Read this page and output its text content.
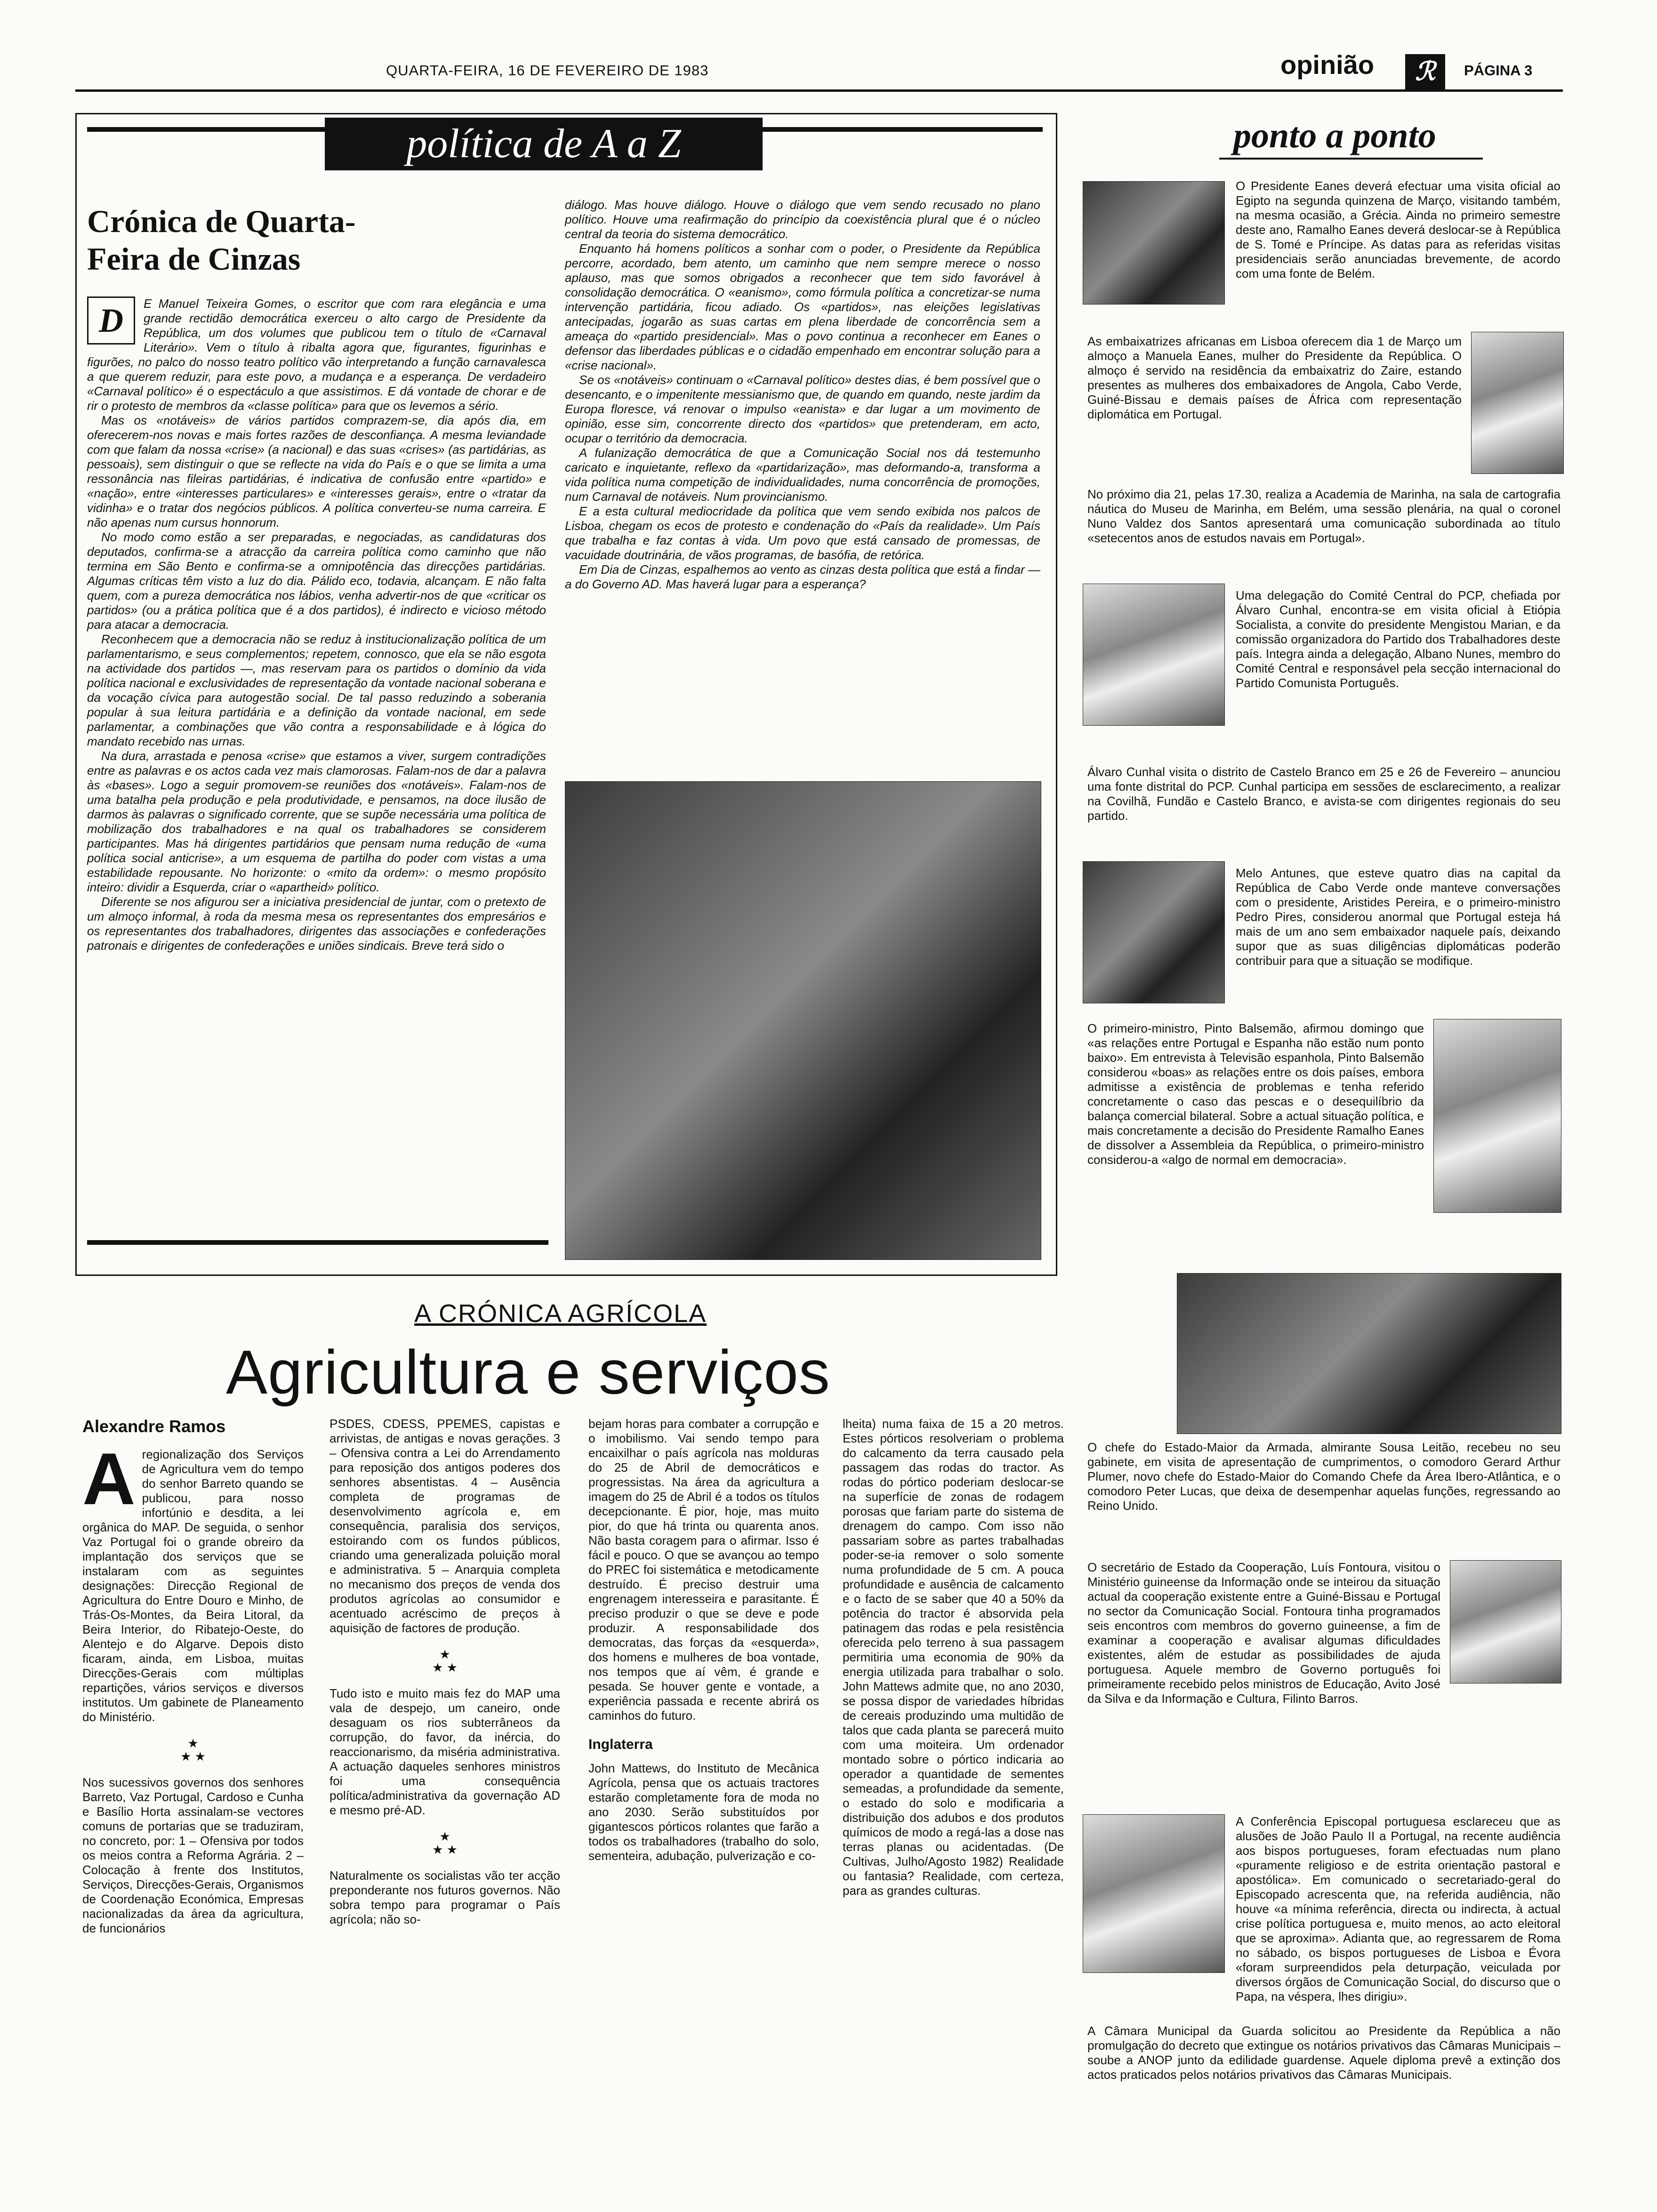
QUARTA-FEIRA, 16 DE FEVEREIRO DE 1983	opinião	ℛ	PÁGINA 3
política de A a Z
Crónica de Quarta-
Feira de Cinzas
D	E Manuel Teixeira Gomes, o escritor que com rara elegância e uma grande rectidão democrática exerceu o alto cargo de Presidente da República, um dos volumes que publicou tem o título de «Carnaval Literário». Vem o título à ribalta agora que, figurantes, figurinhas e figurões, no palco do nosso teatro político vão interpretando a função carnavalesca a que querem reduzir, para este povo, a mudança e a esperança. De verdadeiro «Carnaval político» é o espectáculo a que assistimos. E dá vontade de chorar e de rir o protesto de membros da «classe política» para que os levemos a sério.

Mas os «notáveis» de vários partidos comprazem-se, dia após dia, em oferecerem-nos novas e mais fortes razões de desconfiança. A mesma leviandade com que falam da nossa «crise» (a nacional) e das suas «crises» (as partidárias, as pessoais), sem distinguir o que se reflecte na vida do País e o que se limita a uma ressonância nas fileiras partidárias, é indicativa de confusão entre «partido» e «nação», entre «interesses particulares» e «interesses gerais», entre o «tratar da vidinha» e o tratar dos negócios públicos. A política converteu-se numa carreira. E não apenas num cursus honnorum.

No modo como estão a ser preparadas, e negociadas, as candidaturas dos deputados, confirma-se a atracção da carreira política como caminho que não termina em São Bento e confirma-se a omnipotência das direcções partidárias. Algumas críticas têm visto a luz do dia. Pálido eco, todavia, alcançam. E não falta quem, com a pureza democrática nos lábios, venha advertir-nos de que «criticar os partidos» (ou a prática política que é a dos partidos), é indirecto e vicioso método para atacar a democracia.

Reconhecem que a democracia não se reduz à institucionalização política de um parlamentarismo, e seus complementos; repetem, connosco, que ela se não esgota na actividade dos partidos —, mas reservam para os partidos o domínio da vida política nacional e exclusividades de representação da vontade nacional soberana e da vocação cívica para autogestão social. De tal passo reduzindo a soberania popular à sua leitura partidária e a definição da vontade nacional, em sede parlamentar, a combinações que vão contra a responsabilidade e à lógica do mandato recebido nas urnas.

Na dura, arrastada e penosa «crise» que estamos a viver, surgem contradições entre as palavras e os actos cada vez mais clamorosas. Falam-nos de dar a palavra às «bases». Logo a seguir promovem-se reuniões dos «notáveis». Falam-nos de uma batalha pela produção e pela produtividade, e pensamos, na doce ilusão de darmos às palavras o significado corrente, que se supõe necessária uma política de mobilização dos trabalhadores e na qual os trabalhadores se considerem participantes. Mas há dirigentes partidários que pensam numa redução de «uma política social anticrise», a um esquema de partilha do poder com vistas a uma estabilidade repousante. No horizonte: o «mito da ordem»: o mesmo propósito inteiro: dividir a Esquerda, criar o «apartheid» político.

Diferente se nos afigurou ser a iniciativa presidencial de juntar, com o pretexto de um almoço informal, à roda da mesma mesa os representantes dos empresários e os representantes dos trabalhadores, dirigentes das associações e confederações patronais e dirigentes de confederações e uniões sindicais. Breve terá sido o

diálogo. Mas houve diálogo. Houve o diálogo que vem sendo recusado no plano político. Houve uma reafirmação do princípio da coexistência plural que é o núcleo central da teoria do sistema democrático.

Enquanto há homens políticos a sonhar com o poder, o Presidente da República percorre, acordado, bem atento, um caminho que nem sempre merece o nosso aplauso, mas que somos obrigados a reconhecer que tem sido favorável à consolidação democrática. O «eanismo», como fórmula política a concretizar-se numa intervenção partidária, ficou adiado. Os «partidos», nas eleições legislativas antecipadas, jogarão as suas cartas em plena liberdade de concorrência sem a ameaça do «partido presidencial». Mas o povo continua a reconhecer em Eanes o defensor das liberdades públicas e o cidadão empenhado em encontrar solução para a «crise nacional».

Se os «notáveis» continuam o «Carnaval político» destes dias, é bem possível que o desencanto, e o impenitente messianismo que, de quando em quando, neste jardim da Europa floresce, vá renovar o impulso «eanista» e dar lugar a um movimento de opinião, esse sim, concorrente directo dos «partidos» que pretenderam, em acto, ocupar o território da democracia.

A fulanização democrática de que a Comunicação Social nos dá testemunho caricato e inquietante, reflexo da «partidarização», mas deformando-a, transforma a vida política numa competição de individualidades, numa concorrência de promoções, num Carnaval de notáveis. Num provincianismo.

E a esta cultural mediocridade da política que vem sendo exibida nos palcos de Lisboa, chegam os ecos de protesto e condenação do «País da realidade». Um País que trabalha e faz contas à vida. Um povo que está cansado de promessas, de vacuidade doutrinária, de vãos programas, de basófia, de retórica.

Em Dia de Cinzas, espalhemos ao vento as cinzas desta política que está a findar — a do Governo AD. Mas haverá lugar para a esperança?

ponto a ponto
O Presidente Eanes deverá efectuar uma visita oficial ao Egipto na segunda quinzena de Março, visitando também, na mesma ocasião, a Grécia. Ainda no primeiro semestre deste ano, Ramalho Eanes deverá deslocar-se à República de S. Tomé e Príncipe. As datas para as referidas visitas presidenciais serão anunciadas brevemente, de acordo com uma fonte de Belém.
As embaixatrizes africanas em Lisboa oferecem dia 1 de Março um almoço a Manuela Eanes, mulher do Presidente da República. O almoço é servido na residência da embaixatriz do Zaire, estando presentes as mulheres dos embaixadores de Angola, Cabo Verde, Guiné-Bissau e demais países de África com representação diplomática em Portugal.
No próximo dia 21, pelas 17.30, realiza a Academia de Marinha, na sala de cartografia náutica do Museu de Marinha, em Belém, uma sessão plenária, na qual o coronel Nuno Valdez dos Santos apresentará uma comunicação subordinada ao título «setecentos anos de estudos navais em Portugal».
Uma delegação do Comité Central do PCP, chefiada por Álvaro Cunhal, encontra-se em visita oficial à Etiópia Socialista, a convite do presidente Mengistou Marian, e da comissão organizadora do Partido dos Trabalhadores deste país. Integra ainda a delegação, Albano Nunes, membro do Comité Central e responsável pela secção internacional do Partido Comunista Português.
Álvaro Cunhal visita o distrito de Castelo Branco em 25 e 26 de Fevereiro – anunciou uma fonte distrital do PCP. Cunhal participa em sessões de esclarecimento, a realizar na Covilhã, Fundão e Castelo Branco, e avista-se com dirigentes regionais do seu partido.
Melo Antunes, que esteve quatro dias na capital da República de Cabo Verde onde manteve conversações com o presidente, Aristides Pereira, e o primeiro-ministro Pedro Pires, considerou anormal que Portugal esteja há mais de um ano sem embaixador naquele país, deixando supor que as suas diligências diplomáticas poderão contribuir para que a situação se modifique.
O primeiro-ministro, Pinto Balsemão, afirmou domingo que «as relações entre Portugal e Espanha não estão num ponto baixo». Em entrevista à Televisão espanhola, Pinto Balsemão considerou «boas» as relações entre os dois países, embora admitisse a existência de problemas e tenha referido concretamente o caso das pescas e o desequilíbrio da balança comercial bilateral. Sobre a actual situação política, e mais concretamente a decisão do Presidente Ramalho Eanes de dissolver a Assembleia da República, o primeiro-ministro considerou-a «algo de normal em democracia».
O chefe do Estado-Maior da Armada, almirante Sousa Leitão, recebeu no seu gabinete, em visita de apresentação de cumprimentos, o comodoro Gerard Arthur Plumer, novo chefe do Estado-Maior do Comando Chefe da Área Ibero-Atlântica, e o comodoro Peter Lucas, que deixa de desempenhar aquelas funções, regressando ao Reino Unido.
O secretário de Estado da Cooperação, Luís Fontoura, visitou o Ministério guineense da Informação onde se inteirou da situação actual da cooperação existente entre a Guiné-Bissau e Portugal no sector da Comunicação Social. Fontoura tinha programados seis encontros com membros do governo guineense, a fim de examinar a cooperação e avalisar algumas dificuldades existentes, além de estudar as possibilidades de ajuda portuguesa. Aquele membro de Governo português foi primeiramente recebido pelos ministros de Educação, Avito José da Silva e da Informação e Cultura, Filinto Barros.
A Conferência Episcopal portuguesa esclareceu que as alusões de João Paulo II a Portugal, na recente audiência aos bispos portugueses, foram efectuadas num plano «puramente religioso e de estrita orientação pastoral e apostólica». Em comunicado o secretariado-geral do Episcopado acrescenta que, na referida audiência, não houve «a mínima referência, directa ou indirecta, à actual crise política portuguesa e, muito menos, ao acto eleitoral que se aproxima». Adianta que, ao regressarem de Roma no sábado, os bispos portugueses de Lisboa e Évora «foram surpreendidos pela deturpação, veiculada por diversos órgãos de Comunicação Social, do discurso que o Papa, na véspera, lhes dirigiu».
A Câmara Municipal da Guarda solicitou ao Presidente da República a não promulgação do decreto que extingue os notários privativos das Câmaras Municipais – soube a ANOP junto da edilidade guardense. Aquele diploma prevê a extinção dos actos praticados pelos notários privativos das Câmaras Municipais.
A CRÓNICA AGRÍCOLA
Agricultura e serviços
Alexandre Ramos
A regionalização dos Serviços de Agricultura vem do tempo do senhor Barreto quando se publicou, para nosso infortúnio e desdita, a lei orgânica do MAP. De seguida, o senhor Vaz Portugal foi o grande obreiro da implantação dos serviços que se instalaram com as seguintes designações: Direcção Regional de Agricultura do Entre Douro e Minho, de Trás-Os-Montes, da Beira Litoral, da Beira Interior, do Ribatejo-Oeste, do Alentejo e do Algarve. Depois disto ficaram, ainda, em Lisboa, muitas Direcções-Gerais com múltiplas repartições, vários serviços e diversos institutos. Um gabinete de Planeamento do Ministério.
★
★ ★
Nos sucessivos governos dos senhores Barreto, Vaz Portugal, Cardoso e Cunha e Basílio Horta assinalam-se vectores comuns de portarias que se traduziram, no concreto, por: 1 – Ofensiva por todos os meios contra a Reforma Agrária. 2 – Colocação à frente dos Institutos, Serviços, Direcções-Gerais, Organismos de Coordenação Económica, Empresas nacionalizadas da área da agricultura, de funcionários
PSDES, CDESS, PPEMES, capistas e arrivistas, de antigas e novas gerações. 3 – Ofensiva contra a Lei do Arrendamento para reposição dos antigos poderes dos senhores absentistas. 4 – Ausência completa de programas de desenvolvimento agrícola e, em consequência, paralisia dos serviços, estoirando com os fundos públicos, criando uma generalizada poluição moral e administrativa. 5 – Anarquia completa no mecanismo dos preços de venda dos produtos agrícolas ao consumidor e acentuado acréscimo de preços à aquisição de factores de produção.
★
★ ★
Tudo isto e muito mais fez do MAP uma vala de despejo, um caneiro, onde desaguam os rios subterrâneos da corrupção, do favor, da inércia, do reaccionarismo, da miséria administrativa. A actuação daqueles senhores ministros foi uma consequência política/administrativa da governação AD e mesmo pré-AD.
★
★ ★
Naturalmente os socialistas vão ter acção preponderante nos futuros governos. Não sobra tempo para programar o País agrícola; não so-
bejam horas para combater a corrupção e o imobilismo. Vai sendo tempo para encaixilhar o país agrícola nas molduras do 25 de Abril de democráticos e progressistas. Na área da agricultura a imagem do 25 de Abril é a todos os títulos decepcionante. É pior, hoje, mas muito pior, do que há trinta ou quarenta anos. Não basta coragem para o afirmar. Isso é fácil e pouco. O que se avançou ao tempo do PREC foi sistemática e metodicamente destruído. É preciso destruir uma engrenagem interesseira e parasitante. É preciso produzir o que se deve e pode produzir. A responsabilidade dos democratas, das forças da «esquerda», dos homens e mulheres de boa vontade, nos tempos que aí vêm, é grande e pesada. Se houver gente e vontade, a experiência passada e recente abrirá os caminhos do futuro.
Inglaterra
John Mattews, do Instituto de Mecânica Agrícola, pensa que os actuais tractores estarão completamente fora de moda no ano 2030. Serão substituídos por gigantescos pórticos rolantes que farão a todos os trabalhadores (trabalho do solo, sementeira, adubação, pulverização e co-
lheita) numa faixa de 15 a 20 metros. Estes pórticos resolveriam o problema do calcamento da terra causado pela passagem das rodas do tractor. As rodas do pórtico poderiam deslocar-se na superfície de zonas de rodagem porosas que fariam parte do sistema de drenagem do campo. Com isso não passariam sobre as partes trabalhadas poder-se-ia remover o solo somente numa profundidade de 5 cm. A pouca profundidade e ausência de calcamento e o facto de se saber que 40 a 50% da potência do tractor é absorvida pela patinagem das rodas e pela resistência oferecida pelo terreno à sua passagem permitiria uma economia de 90% da energia utilizada para trabalhar o solo. John Mattews admite que, no ano 2030, se possa dispor de variedades híbridas de cereais produzindo uma multidão de talos que cada planta se parecerá muito com uma moiteira. Um ordenador montado sobre o pórtico indicaria ao operador a quantidade de sementes semeadas, a profundidade da semente, o estado do solo e modificaria a distribuição dos adubos e dos produtos químicos de modo a regá-las a dose nas terras planas ou acidentadas. (De Cultivas, Julho/Agosto 1982) Realidade ou fantasia? Realidade, com certeza, para as grandes culturas.
